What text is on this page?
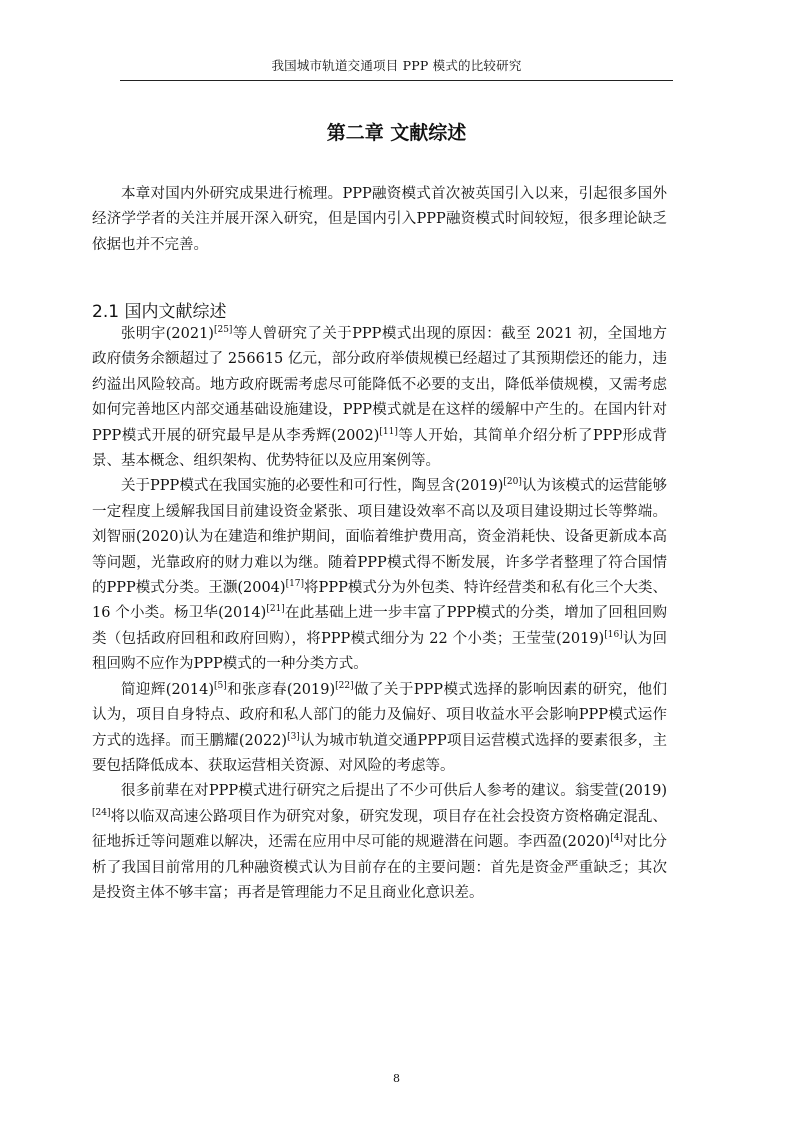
我国城市轨道交通项目 PPP 模式的比较研究
第二章 文献综述

本章对国内外研究成果进行梳理。PPP融资模式首次被英国引入以来，引起很多国外经济学学者的关注并展开深入研究，但是国内引入PPP融资模式时间较短，很多理论缺乏依据也并不完善。

2.1 国内文献综述

张明宇(2021)[25]等人曾研究了关于PPP模式出现的原因：截至 2021 初，全国地方政府债务余额超过了 256615 亿元，部分政府举债规模已经超过了其预期偿还的能力，违约溢出风险较高。地方政府既需考虑尽可能降低不必要的支出，降低举债规模，又需考虑如何完善地区内部交通基础设施建设，PPP模式就是在这样的缓解中产生的。在国内针对PPP模式开展的研究最早是从李秀辉(2002)[11]等人开始，其简单介绍分析了PPP形成背景、基本概念、组织架构、优势特征以及应用案例等。

关于PPP模式在我国实施的必要性和可行性，陶昱含(2019)[20]认为该模式的运营能够一定程度上缓解我国目前建设资金紧张、项目建设效率不高以及项目建设期过长等弊端。刘智丽(2020)认为在建造和维护期间，面临着维护费用高，资金消耗快、设备更新成本高等问题，光靠政府的财力难以为继。随着PPP模式得不断发展，许多学者整理了符合国情的PPP模式分类。王灏(2004)[17]将PPP模式分为外包类、特许经营类和私有化三个大类、16 个小类。杨卫华(2014)[21]在此基础上进一步丰富了PPP模式的分类，增加了回租回购类（包括政府回租和政府回购），将PPP模式细分为 22 个小类；王莹莹(2019)[16]认为回租回购不应作为PPP模式的一种分类方式。

简迎辉(2014)[5]和张彦春(2019)[22]做了关于PPP模式选择的影响因素的研究，他们认为，项目自身特点、政府和私人部门的能力及偏好、项目收益水平会影响PPP模式运作方式的选择。而王鹏耀(2022)[3]认为城市轨道交通PPP项目运营模式选择的要素很多，主要包括降低成本、获取运营相关资源、对风险的考虑等。

很多前辈在对PPP模式进行研究之后提出了不少可供后人参考的建议。翁雯萱(2019)[24]将以临双高速公路项目作为研究对象，研究发现，项目存在社会投资方资格确定混乱、征地拆迁等问题难以解决，还需在应用中尽可能的规避潜在问题。李西盈(2020)[4]对比分析了我国目前常用的几种融资模式认为目前存在的主要问题：首先是资金严重缺乏；其次是投资主体不够丰富；再者是管理能力不足且商业化意识差。

8
